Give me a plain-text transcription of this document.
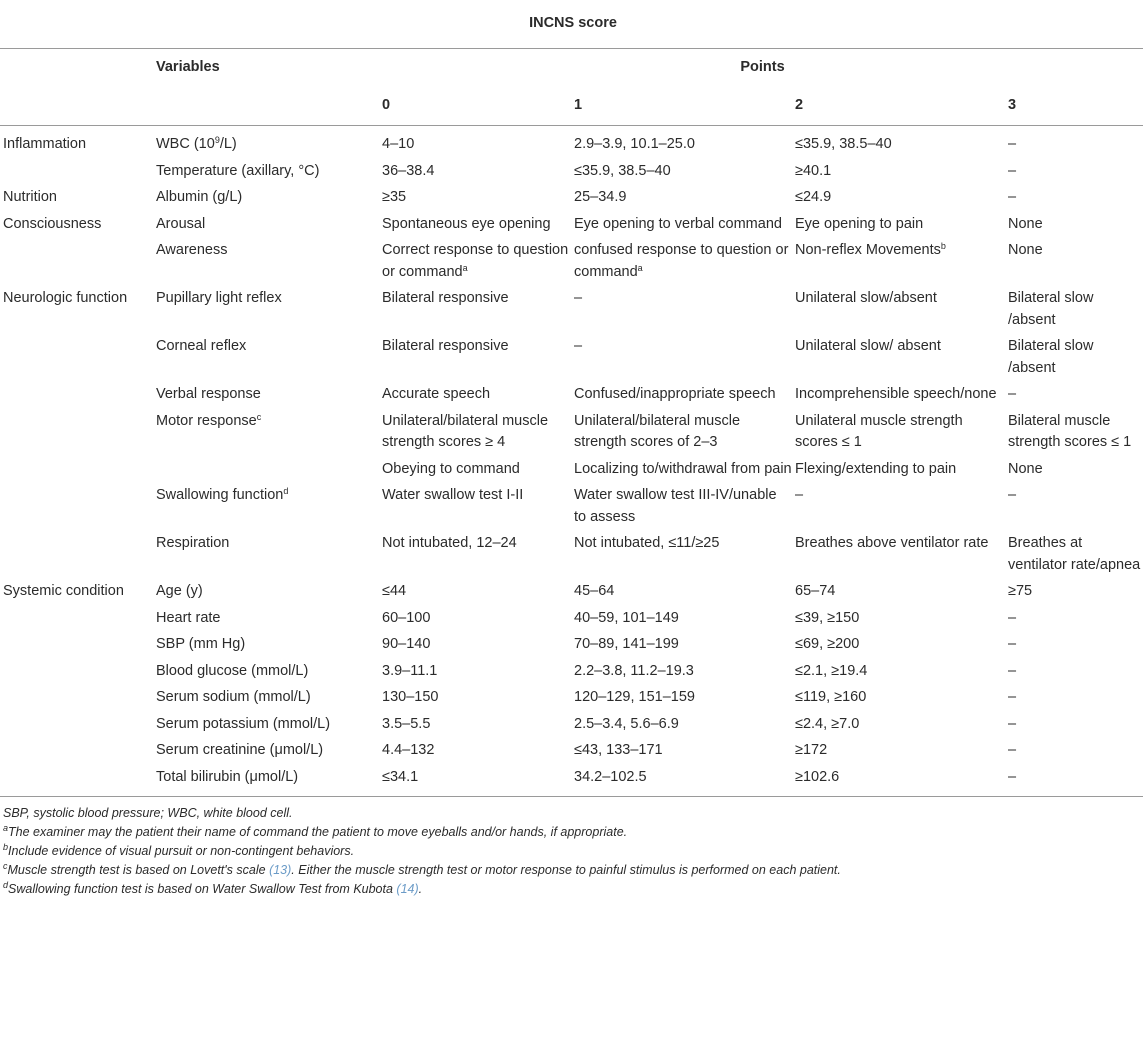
INCNS score					
	Variables	Points			
		0	1	2	3
Inflammation	WBC $(10^9/L)$	4–10	2.9–3.9, 10.1–25.0	≤35.9, 38.5–40	–
	Temperature (axillary, °C)	36–38.4	≤35.9, 38.5–40	≥40.1	–
Nutrition	Albumin (g/L)	≥35	25–34.9	≤24.9	–
Consciousness	Arousal	Spontaneous eye opening	Eye opening to verbal command	Eye opening to pain	None
	Awareness	Correct response to question or command$^a$	confused response to question or command$^a$	Non-reflex Movements$^b$	None
Neurologic function	Pupillary light reflex	Bilateral responsive	–	Unilateral slow/absent	Bilateral slow /absent
	Corneal reflex	Bilateral responsive	–	Unilateral slow/ absent	Bilateral slow /absent
	Verbal response	Accurate speech	Confused/inappropriate speech	Incomprehensible speech/none	–
	Motor response$^c$	Unilateral/bilateral muscle strength scores ≥ 4	Unilateral/bilateral muscle strength scores of 2–3	Unilateral muscle strength scores ≤ 1	Bilateral muscle strength scores ≤ 1
		Obeying to command	Localizing to/withdrawal from pain	Flexing/extending to pain	None
	Swallowing function$^d$	Water swallow test I-II	Water swallow test III-IV/unable to assess	–	–
	Respiration	Not intubated, 12–24	Not intubated, ≤11/≥25	Breathes above ventilator rate	Breathes at ventilator rate/apnea
Systemic condition	Age (y)	≤44	45–64	65–74	≥75
	Heart rate	60–100	40–59, 101–149	≤39, ≥150	–
	SBP (mm Hg)	90–140	70–89, 141–199	≤69, ≥200	–
	Blood glucose (mmol/L)	3.9–11.1	2.2–3.8, 11.2–19.3	≤2.1, ≥19.4	–
	Serum sodium (mmol/L)	130–150	120–129, 151–159	≤119, ≥160	–
	Serum potassium (mmol/L)	3.5–5.5	2.5–3.4, 5.6–6.9	≤2.4, ≥7.0	–
	Serum creatinine (μmol/L)	4.4–132	≤43, 133–171	≥172	–
	Total bilirubin (μmol/L)	≤34.1	34.2–102.5	≥102.6	–
SBP, systolic blood pressure; WBC, white blood cell.
$^a$The examiner may the patient their name of command the patient to move eyeballs and/or hands, if appropriate.
$^b$Include evidence of visual pursuit or non-contingent behaviors.
$^c$Muscle strength test is based on Lovett's scale (13). Either the muscle strength test or motor response to painful stimulus is performed on each patient.
$^d$Swallowing function test is based on Water Swallow Test from Kubota (14).
